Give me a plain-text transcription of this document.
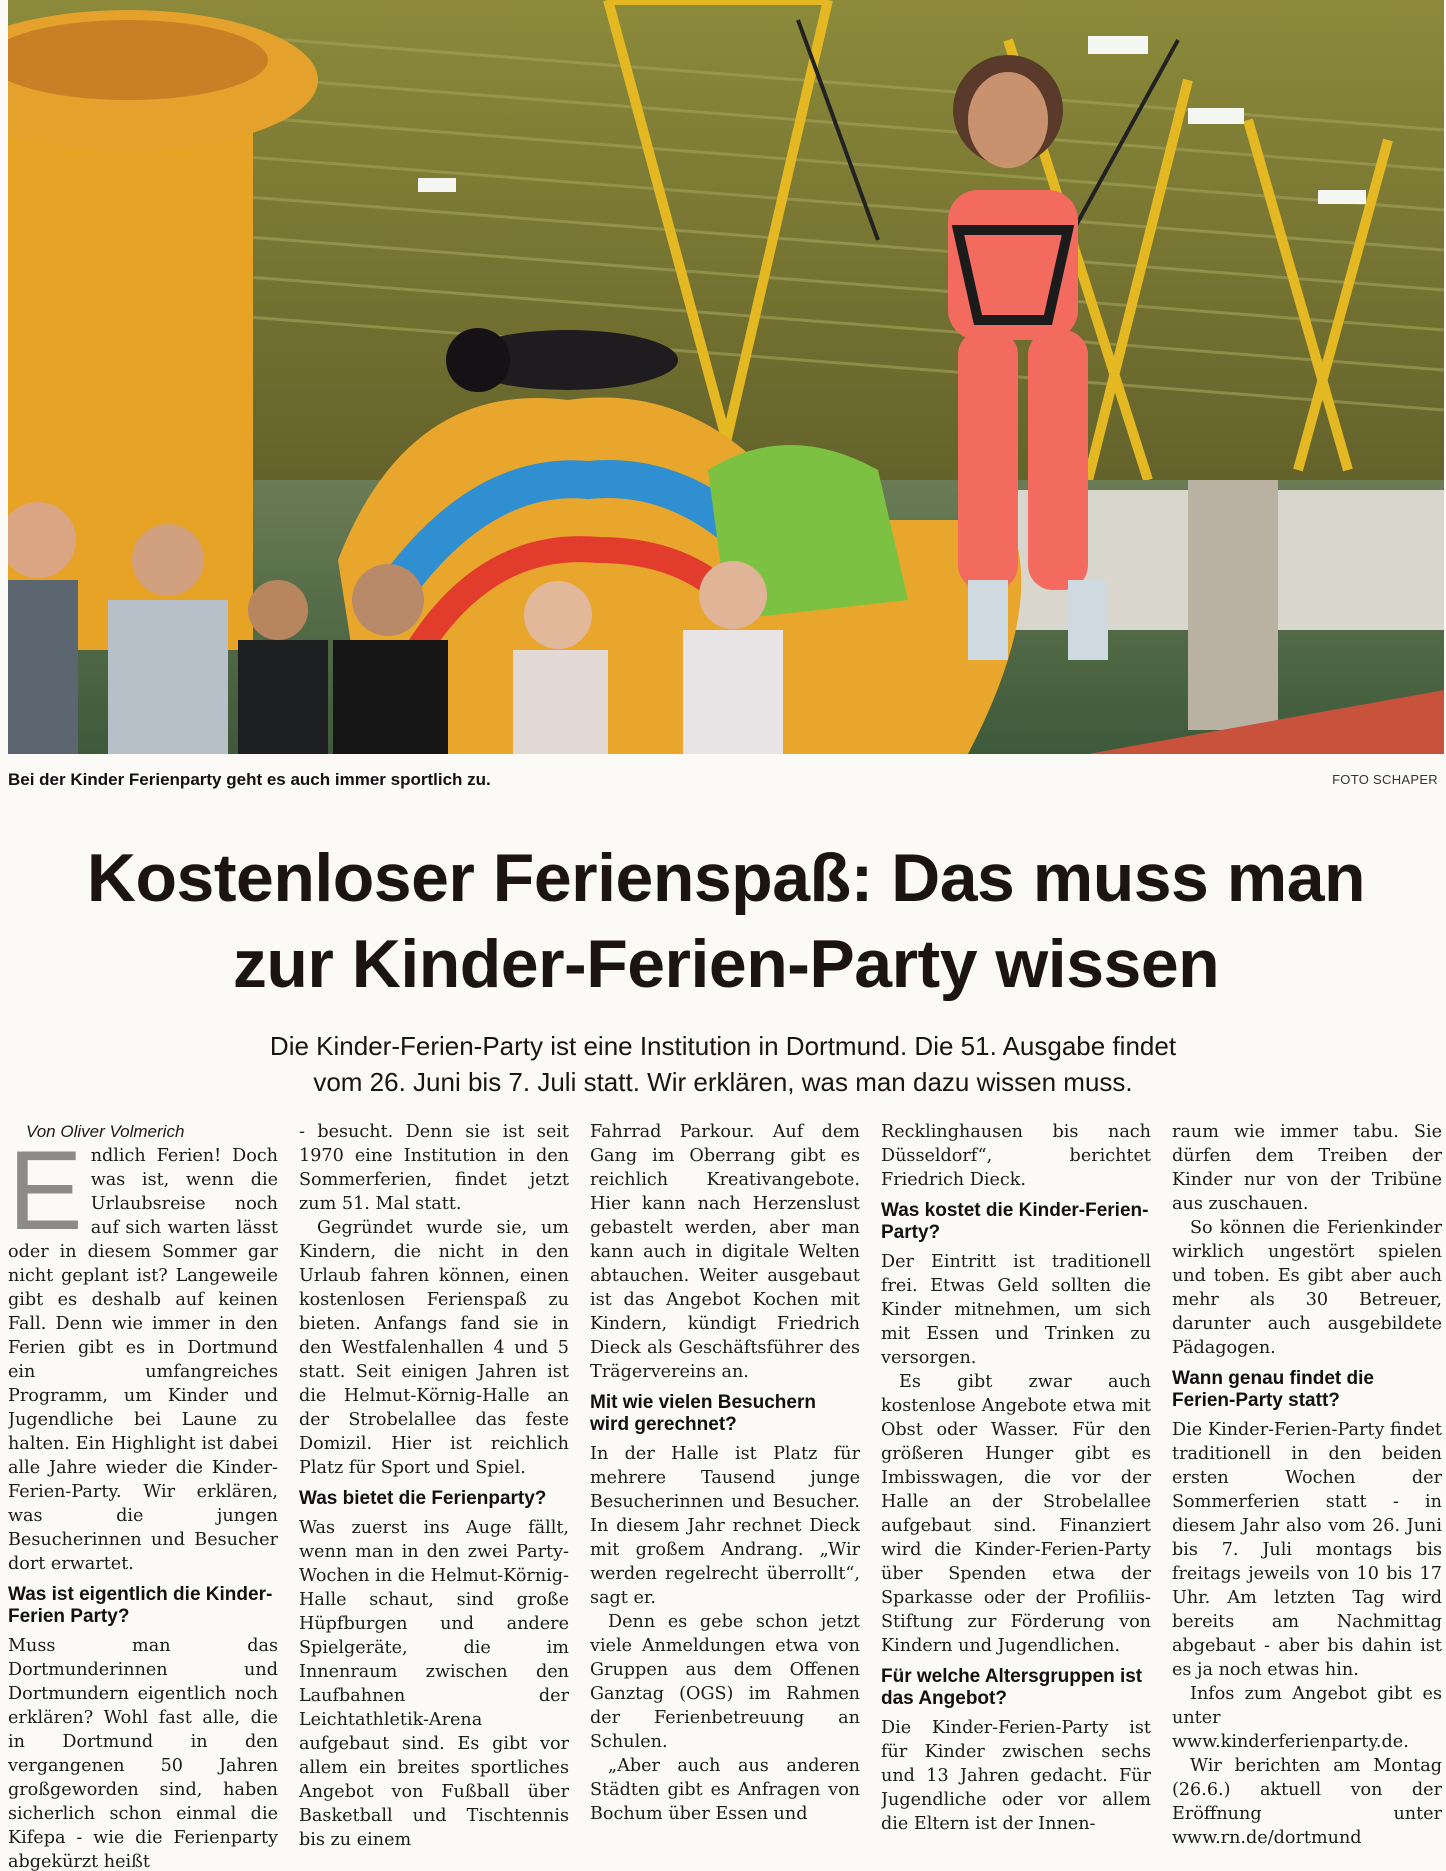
Bei der Kinder Ferienparty geht es auch immer sportlich zu.	FOTO SCHAPER
Kostenloser Ferienspaß: Das muss man
zur Kinder-Ferien-Party wissen
Die Kinder-Ferien-Party ist eine Institution in Dortmund. Die 51. Ausgabe findet
vom 26. Juni bis 7. Juli statt. Wir erklären, was man dazu wissen muss.

Von Oliver Volmerich

Endlich Ferien! Doch was ist, wenn die Urlaubsreise noch auf sich warten lässt oder in diesem Sommer gar nicht geplant ist? Langeweile gibt es deshalb auf keinen Fall. Denn wie immer in den Ferien gibt es in Dortmund ein umfangreiches Programm, um Kinder und Jugendliche bei Laune zu halten. Ein Highlight ist dabei alle Jahre wieder die Kinder-Ferien-Party. Wir erklären, was die jungen Besucherinnen und Besucher dort erwartet.

Was ist eigentlich die Kinder-Ferien Party?

Muss man das Dortmunderinnen und Dortmundern eigentlich noch erklären? Wohl fast alle, die in Dortmund in den vergangenen 50 Jahren großgeworden sind, haben sicherlich schon einmal die Kifepa - wie die Ferienparty abgekürzt heißt

- besucht. Denn sie ist seit 1970 eine Institution in den Sommerferien, findet jetzt zum 51. Mal statt.

Gegründet wurde sie, um Kindern, die nicht in den Urlaub fahren können, einen kostenlosen Ferienspaß zu bieten. Anfangs fand sie in den Westfalenhallen 4 und 5 statt. Seit einigen Jahren ist die Helmut-Körnig-Halle an der Strobelallee das feste Domizil. Hier ist reichlich Platz für Sport und Spiel.

Was bietet die Ferienparty?

Was zuerst ins Auge fällt, wenn man in den zwei Party-Wochen in die Helmut-Körnig-Halle schaut, sind große Hüpfburgen und andere Spielgeräte, die im Innenraum zwischen den Laufbahnen der Leichtathletik-Arena aufgebaut sind. Es gibt vor allem ein breites sportliches Angebot von Fußball über Basketball und Tischtennis bis zu einem

Fahrrad Parkour. Auf dem Gang im Oberrang gibt es reichlich Kreativangebote. Hier kann nach Herzenslust gebastelt werden, aber man kann auch in digitale Welten abtauchen. Weiter ausgebaut ist das Angebot Kochen mit Kindern, kündigt Friedrich Dieck als Geschäftsführer des Trägervereins an.

Mit wie vielen Besuchern wird gerechnet?

In der Halle ist Platz für mehrere Tausend junge Besucherinnen und Besucher. In diesem Jahr rechnet Dieck mit großem Andrang. „Wir werden regelrecht überrollt“, sagt er.

Denn es gebe schon jetzt viele Anmeldungen etwa von Gruppen aus dem Offenen Ganztag (OGS) im Rahmen der Ferienbetreuung an Schulen.

„Aber auch aus anderen Städten gibt es Anfragen von Bochum über Essen und

Recklinghausen bis nach Düsseldorf“, berichtet Friedrich Dieck.

Was kostet die Kinder-Ferien-Party?

Der Eintritt ist traditionell frei. Etwas Geld sollten die Kinder mitnehmen, um sich mit Essen und Trinken zu versorgen.

Es gibt zwar auch kostenlose Angebote etwa mit Obst oder Wasser. Für den größeren Hunger gibt es Imbisswagen, die vor der Halle an der Strobelallee aufgebaut sind. Finanziert wird die Kinder-Ferien-Party über Spenden etwa der Sparkasse oder der Profiliis-Stiftung zur Förderung von Kindern und Jugendlichen.

Für welche Altersgruppen ist das Angebot?

Die Kinder-Ferien-Party ist für Kinder zwischen sechs und 13 Jahren gedacht. Für Jugendliche oder vor allem die Eltern ist der Innen-

raum wie immer tabu. Sie dürfen dem Treiben der Kinder nur von der Tribüne aus zuschauen.

So können die Ferienkinder wirklich ungestört spielen und toben. Es gibt aber auch mehr als 30 Betreuer, darunter auch ausgebildete Pädagogen.

Wann genau findet die Ferien-Party statt?

Die Kinder-Ferien-Party findet traditionell in den beiden ersten Wochen der Sommerferien statt - in diesem Jahr also vom 26. Juni bis 7. Juli montags bis freitags jeweils von 10 bis 17 Uhr. Am letzten Tag wird bereits am Nachmittag abgebaut - aber bis dahin ist es ja noch etwas hin.

Infos zum Angebot gibt es unter www.kinderferienparty.de.

Wir berichten am Montag (26.6.) aktuell von der Eröffnung unter www.rn.de/dortmund
